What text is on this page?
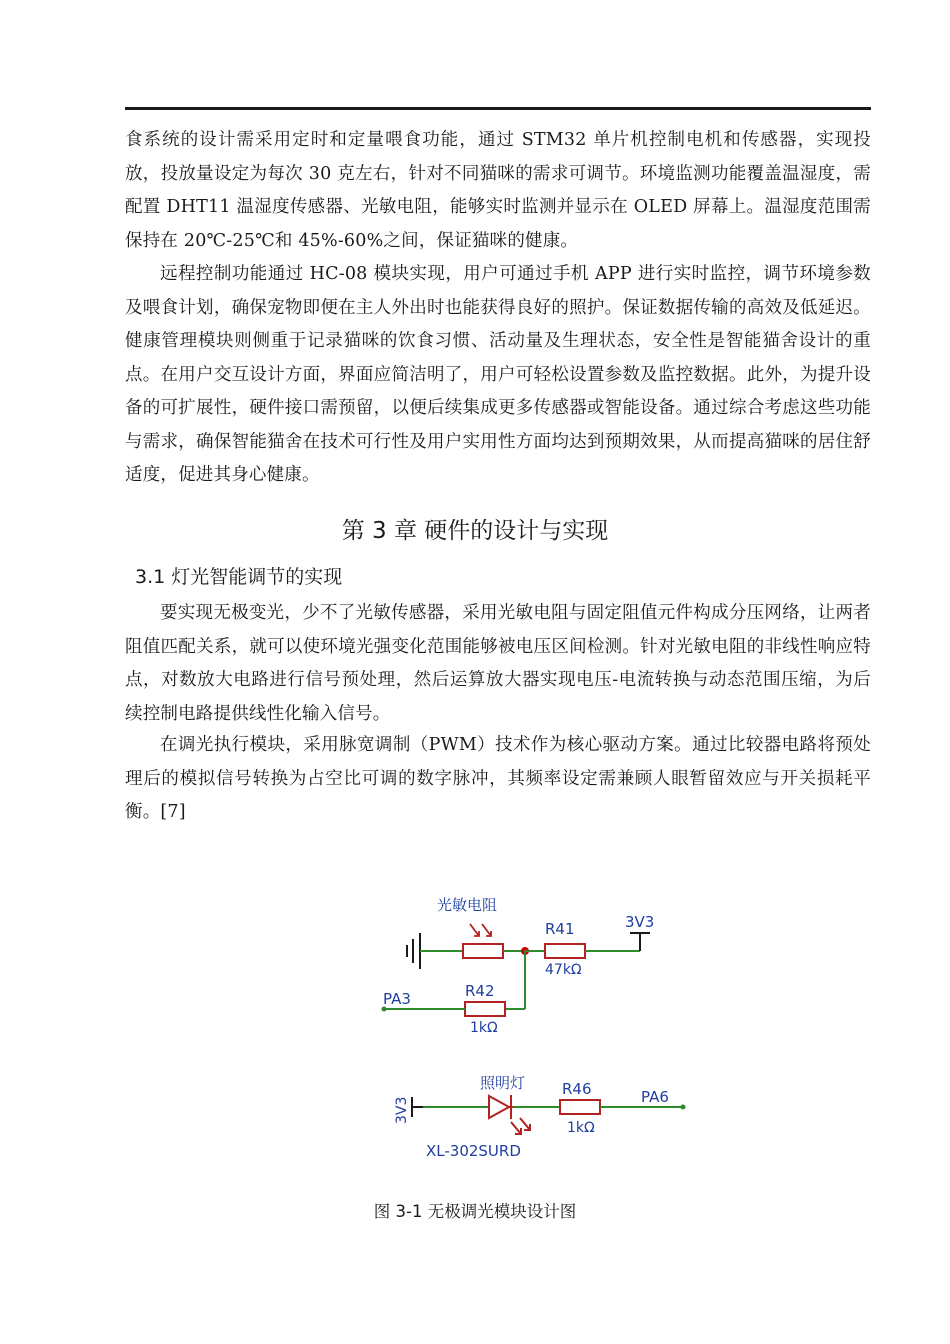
食系统的设计需采用定时和定量喂食功能，通过 STM32 单片机控制电机和传感器，实现投放，投放量设定为每次 30 克左右，针对不同猫咪的需求可调节。环境监测功能覆盖温湿度，需配置 DHT11 温湿度传感器、光敏电阻，能够实时监测并显示在 OLED 屏幕上。温湿度范围需保持在 20℃-25℃和 45%-60%之间，保证猫咪的健康。

远程控制功能通过 HC-08 模块实现，用户可通过手机 APP 进行实时监控，调节环境参数及喂食计划，确保宠物即便在主人外出时也能获得良好的照护。保证数据传输的高效及低延迟。健康管理模块则侧重于记录猫咪的饮食习惯、活动量及生理状态，安全性是智能猫舍设计的重点。在用户交互设计方面，界面应简洁明了，用户可轻松设置参数及监控数据。此外，为提升设备的可扩展性，硬件接口需预留，以便后续集成更多传感器或智能设备。通过综合考虑这些功能与需求，确保智能猫舍在技术可行性及用户实用性方面均达到预期效果，从而提高猫咪的居住舒适度，促进其身心健康。

第 3 章 硬件的设计与实现
3.1 灯光智能调节的实现

要实现无极变光，少不了光敏传感器，采用光敏电阻与固定阻值元件构成分压网络，让两者阻值匹配关系，就可以使环境光强变化范围能够被电压区间检测。针对光敏电阻的非线性响应特点，对数放大电路进行信号预处理，然后运算放大器实现电压-电流转换与动态范围压缩，为后续控制电路提供线性化输入信号。

在调光执行模块，采用脉宽调制（PWM）技术作为核心驱动方案。通过比较器电路将预处理后的模拟信号转换为占空比可调的数字脉冲，其频率设定需兼顾人眼暂留效应与开关损耗平衡。[7]

光敏电阻
R41
47kΩ
3V3
R42
1kΩ
PA3
3V3
照明灯 R46
1kΩ
PA6
XL-302SURD
图 3-1 无极调光模块设计图
